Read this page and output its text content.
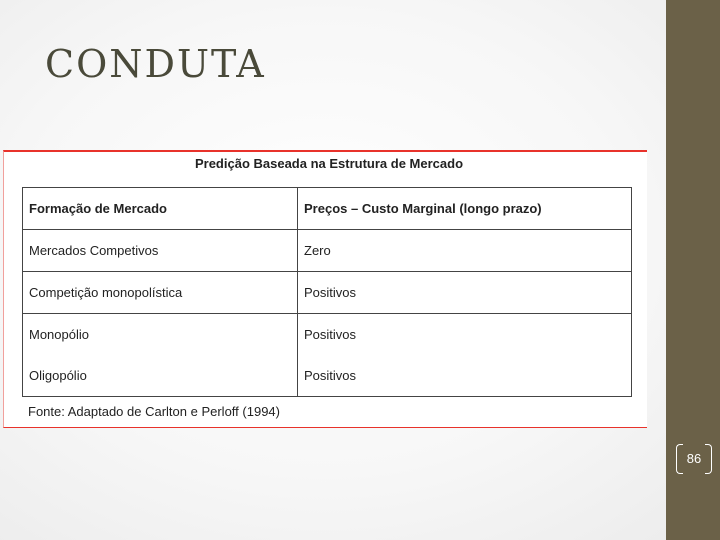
CONDUTA

Predição Baseada na Estrutura de Mercado

Formação de Mercado	Preços – Custo Marginal (longo prazo)
Mercados Competivos	Zero
Competição monopolística	Positivos
Monopólio	Positivos
Oligopólio	Positivos
Fonte: Adaptado de Carlton e Perloff (1994)
86
